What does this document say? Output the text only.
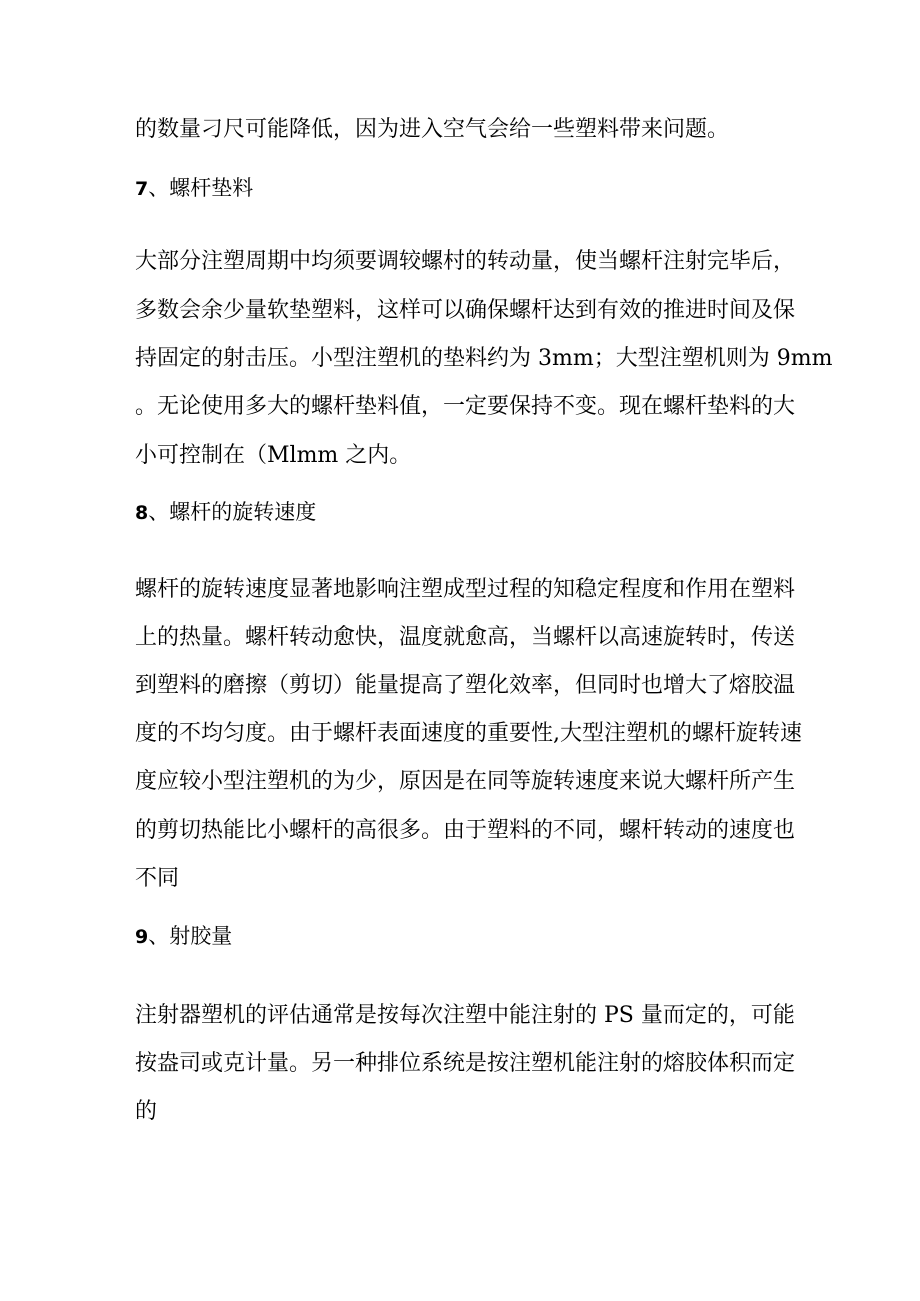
的数量刁尺可能降低，因为进入空气会给一些塑料带来问题。
7、螺杆垫料
大部分注塑周期中均须要调较螺村的转动量，使当螺杆注射完毕后，
多数会余少量软垫塑料，这样可以确保螺杆达到有效的推进时间及保
持固定的射击压。小型注塑机的垫料约为 3mm；大型注塑机则为 9mm
。无论使用多大的螺杆垫料值，一定要保持不变。现在螺杆垫料的大
小可控制在（Mlmm 之内。
8、螺杆的旋转速度
螺杆的旋转速度显著地影响注塑成型过程的知稳定程度和作用在塑料
上的热量。螺杆转动愈快，温度就愈高，当螺杆以高速旋转时，传送
到塑料的磨擦（剪切）能量提高了塑化效率，但同时也增大了熔胶温
度的不均匀度。由于螺杆表面速度的重要性,大型注塑机的螺杆旋转速
度应较小型注塑机的为少，原因是在同等旋转速度来说大螺杆所产生
的剪切热能比小螺杆的高很多。由于塑料的不同，螺杆转动的速度也
不同
9、射胶量
注射器塑机的评估通常是按每次注塑中能注射的 PS 量而定的，可能
按盎司或克计量。另一种排位系统是按注塑机能注射的熔胶体积而定
的
